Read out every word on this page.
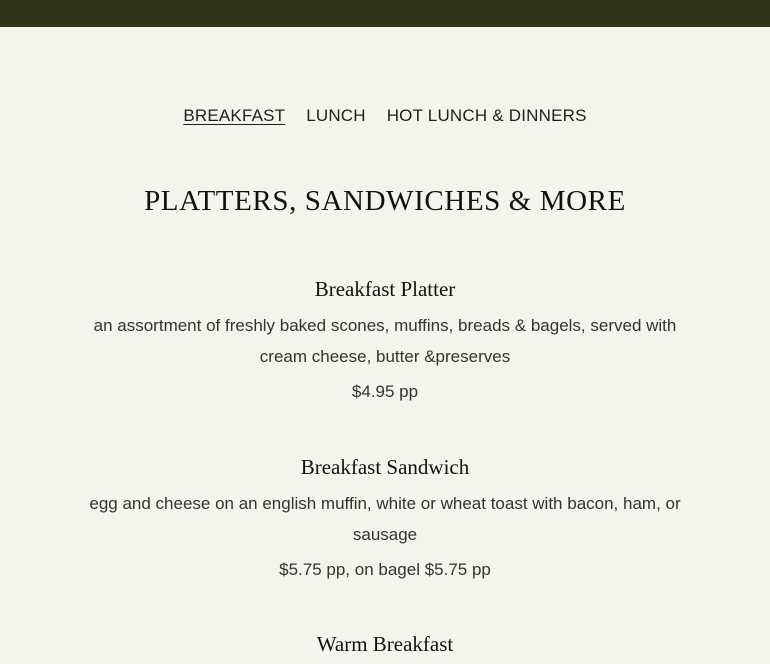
BREAKFAST LUNCH HOT LUNCH & DINNERS
PLATTERS, SANDWICHES & MORE
Breakfast Platter
an assortment of freshly baked scones, muffins, breads & bagels, served with cream cheese, butter &preserves
$4.95 pp
Breakfast Sandwich
egg and cheese on an english muffin, white or wheat toast with bacon, ham, or sausage
$5.75 pp, on bagel $5.75 pp
Warm Breakfast
